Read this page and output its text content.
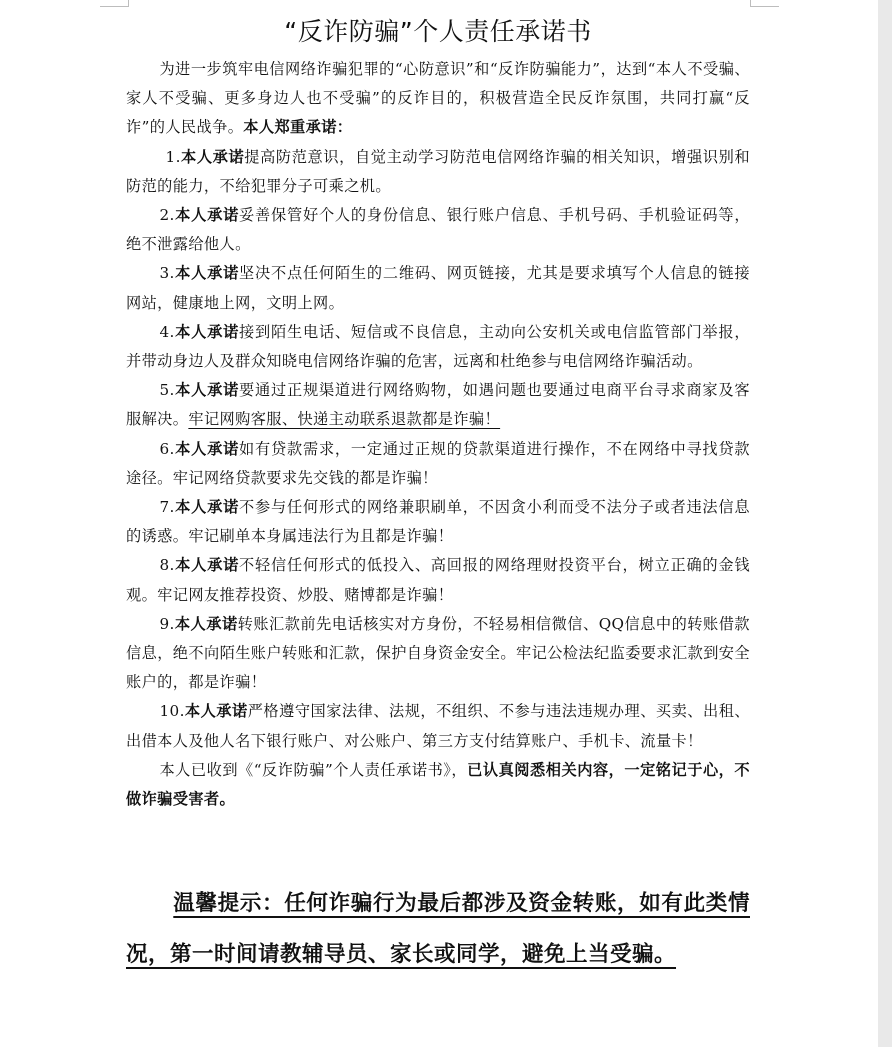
“反诈防骗”个人责任承诺书

为进一步筑牢电信网络诈骗犯罪的“心防意识”和“反诈防骗能力”，达到“本人不受骗、家人不受骗、更多身边人也不受骗”的反诈目的，积极营造全民反诈氛围，共同打赢“反诈”的人民战争。本人郑重承诺：

1.本人承诺提高防范意识，自觉主动学习防范电信网络诈骗的相关知识，增强识别和防范的能力，不给犯罪分子可乘之机。

2.本人承诺妥善保管好个人的身份信息、银行账户信息、手机号码、手机验证码等，绝不泄露给他人。

3.本人承诺坚决不点任何陌生的二维码、网页链接，尤其是要求填写个人信息的链接网站，健康地上网，文明上网。

4.本人承诺接到陌生电话、短信或不良信息，主动向公安机关或电信监管部门举报，并带动身边人及群众知晓电信网络诈骗的危害，远离和杜绝参与电信网络诈骗活动。

5.本人承诺要通过正规渠道进行网络购物，如遇问题也要通过电商平台寻求商家及客服解决。牢记网购客服、快递主动联系退款都是诈骗！

6.本人承诺如有贷款需求，一定通过正规的贷款渠道进行操作，不在网络中寻找贷款途径。牢记网络贷款要求先交钱的都是诈骗！

7.本人承诺不参与任何形式的网络兼职刷单，不因贪小利而受不法分子或者违法信息的诱惑。牢记刷单本身属违法行为且都是诈骗！

8.本人承诺不轻信任何形式的低投入、高回报的网络理财投资平台，树立正确的金钱观。牢记网友推荐投资、炒股、赌博都是诈骗！

9.本人承诺转账汇款前先电话核实对方身份，不轻易相信微信、QQ信息中的转账借款信息，绝不向陌生账户转账和汇款，保护自身资金安全。牢记公检法纪监委要求汇款到安全账户的，都是诈骗！

10.本人承诺严格遵守国家法律、法规，不组织、不参与违法违规办理、买卖、出租、出借本人及他人名下银行账户、对公账户、第三方支付结算账户、手机卡、流量卡！

本人已收到《“反诈防骗”个人责任承诺书》，已认真阅悉相关内容，一定铭记于心，不做诈骗受害者。

温馨提示：任何诈骗行为最后都涉及资金转账，如有此类情况，第一时间请教辅导员、家长或同学，避免上当受骗。
